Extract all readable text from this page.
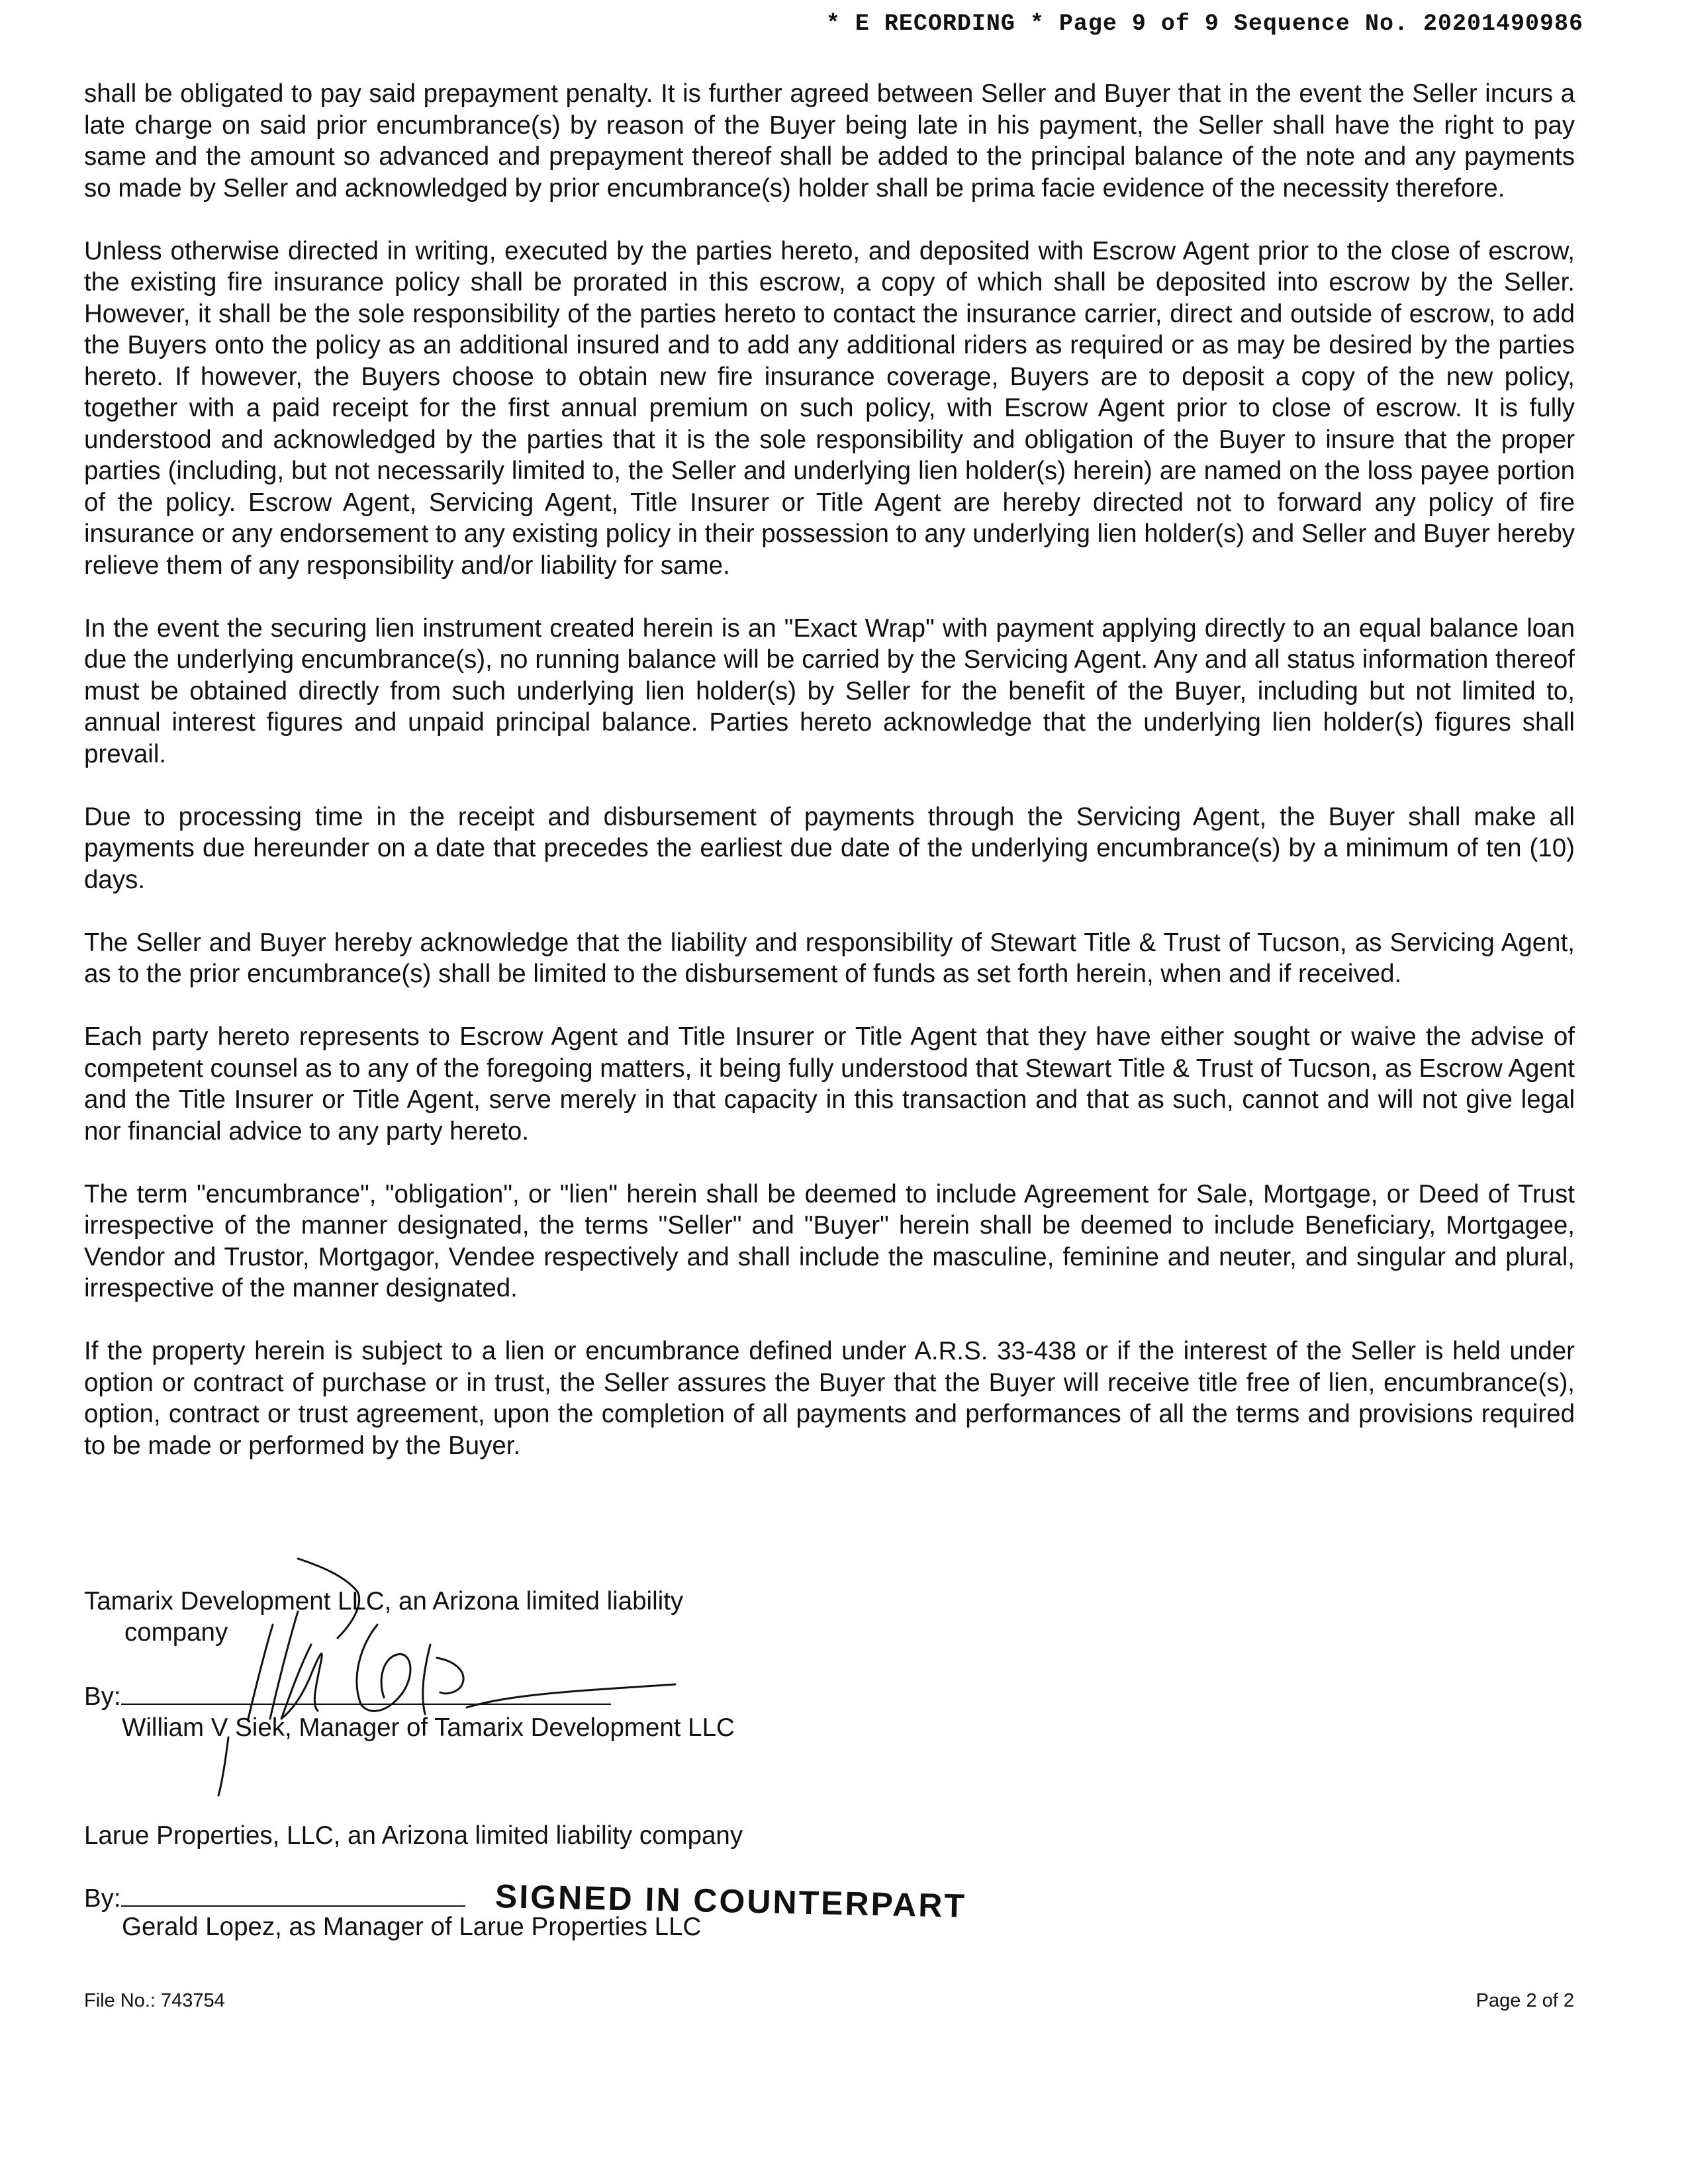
* E RECORDING * Page 9 of 9 Sequence No. 20201490986

shall be obligated to pay said prepayment penalty. It is further agreed between Seller and Buyer that in the event the Seller incurs a late charge on said prior encumbrance(s) by reason of the Buyer being late in his payment, the Seller shall have the right to pay same and the amount so advanced and prepayment thereof shall be added to the principal balance of the note and any payments so made by Seller and acknowledged by prior encumbrance(s) holder shall be prima facie evidence of the necessity therefore.

Unless otherwise directed in writing, executed by the parties hereto, and deposited with Escrow Agent prior to the close of escrow, the existing fire insurance policy shall be prorated in this escrow, a copy of which shall be deposited into escrow by the Seller. However, it shall be the sole responsibility of the parties hereto to contact the insurance carrier, direct and outside of escrow, to add the Buyers onto the policy as an additional insured and to add any additional riders as required or as may be desired by the parties hereto. If however, the Buyers choose to obtain new fire insurance coverage, Buyers are to deposit a copy of the new policy, together with a paid receipt for the first annual premium on such policy, with Escrow Agent prior to close of escrow. It is fully understood and acknowledged by the parties that it is the sole responsibility and obligation of the Buyer to insure that the proper parties (including, but not necessarily limited to, the Seller and underlying lien holder(s) herein) are named on the loss payee portion of the policy. Escrow Agent, Servicing Agent, Title Insurer or Title Agent are hereby directed not to forward any policy of fire insurance or any endorsement to any existing policy in their possession to any underlying lien holder(s) and Seller and Buyer hereby relieve them of any responsibility and/or liability for same.

In the event the securing lien instrument created herein is an "Exact Wrap" with payment applying directly to an equal balance loan due the underlying encumbrance(s), no running balance will be carried by the Servicing Agent. Any and all status information thereof must be obtained directly from such underlying lien holder(s) by Seller for the benefit of the Buyer, including but not limited to, annual interest figures and unpaid principal balance. Parties hereto acknowledge that the underlying lien holder(s) figures shall prevail.

Due to processing time in the receipt and disbursement of payments through the Servicing Agent, the Buyer shall make all payments due hereunder on a date that precedes the earliest due date of the underlying encumbrance(s) by a minimum of ten (10) days.

The Seller and Buyer hereby acknowledge that the liability and responsibility of Stewart Title & Trust of Tucson, as Servicing Agent, as to the prior encumbrance(s) shall be limited to the disbursement of funds as set forth herein, when and if received.

Each party hereto represents to Escrow Agent and Title Insurer or Title Agent that they have either sought or waive the advise of competent counsel as to any of the foregoing matters, it being fully understood that Stewart Title & Trust of Tucson, as Escrow Agent and the Title Insurer or Title Agent, serve merely in that capacity in this transaction and that as such, cannot and will not give legal nor financial advice to any party hereto.

The term "encumbrance", "obligation", or "lien" herein shall be deemed to include Agreement for Sale, Mortgage, or Deed of Trust irrespective of the manner designated, the terms "Seller" and "Buyer" herein shall be deemed to include Beneficiary, Mortgagee, Vendor and Trustor, Mortgagor, Vendee respectively and shall include the masculine, feminine and neuter, and singular and plural, irrespective of the manner designated.

If the property herein is subject to a lien or encumbrance defined under A.R.S. 33-438 or if the interest of the Seller is held under option or contract of purchase or in trust, the Seller assures the Buyer that the Buyer will receive title free of lien, encumbrance(s), option, contract or trust agreement, upon the completion of all payments and performances of all the terms and provisions required to be made or performed by the Buyer.

Tamarix Development LLC, an Arizona limited liability
company
By:
William V Siek, Manager of Tamarix Development LLC
Larue Properties, LLC, an Arizona limited liability company
By:	SIGNED IN COUNTERPART
Gerald Lopez, as Manager of Larue Properties LLC
File No.: 743754	Page 2 of 2
